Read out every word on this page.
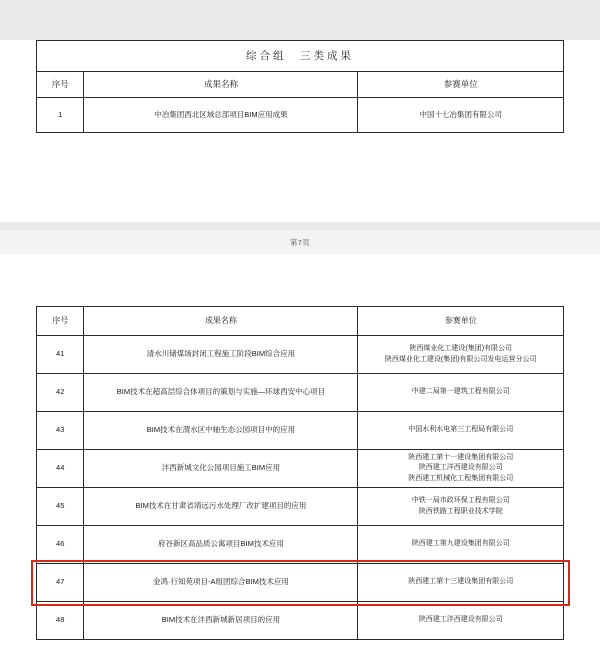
综合组　三类成果		
序号	成果名称	参赛单位
1	中冶集团西北区域总部项目BIM应用成果	中国十七冶集团有限公司
第7页
序号	成果名称	参赛单位
41	清水川储煤场封闭工程施工阶段BIM综合应用	陕西煤业化工建设(集团)有限公司
陕西煤业化工建设(集团)有限公司发电运营分公司

42	BIM技术在超高层综合体项目的策划与实施—环球西安中心项目	中建二局第一建筑工程有限公司

43	BIM技术在渭水区中轴生态公园项目中的应用	中国水利水电第三工程局有限公司

44	沣西新城文化公园项目施工BIM应用	陕西建工第十一建设集团有限公司
陕西建工洋西建设有限公司
陕西建工机械化工程集团有限公司

45	BIM技术在甘肃省靖远污水处理厂改扩建项目的应用	中铁一局市政环保工程有限公司
陕西铁路工程职业技术学院

46	府谷新区高品质公寓项目BIM技术应用	陕西建工第九建设集团有限公司

47	金鸿·行知苑项目-A组团综合BIM技术应用	陕西建工第十三建设集团有限公司

48	BIM技术在沣西新城新居项目的应用	陕西建工沣西建设有限公司
